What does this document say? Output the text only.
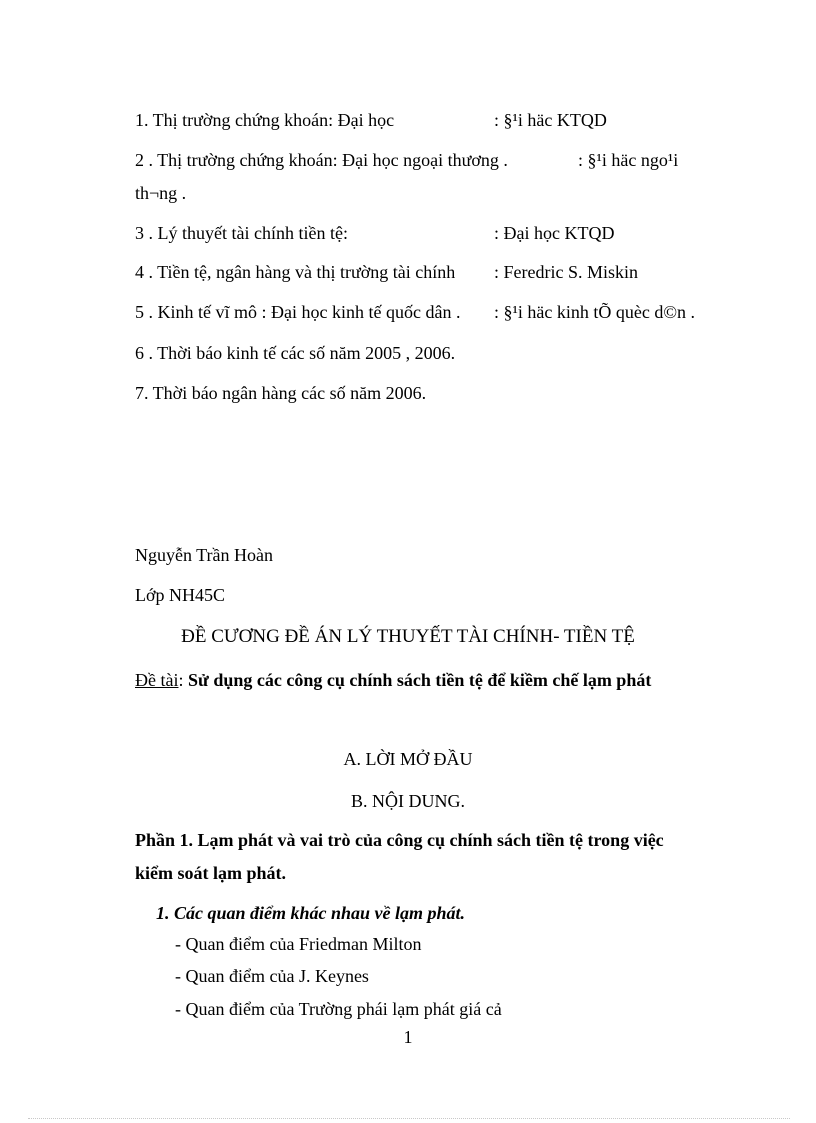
1. Thị trường chứng khoán: Đại học	: §¹i häc KTQD
2 . Thị trường chứng khoán: Đại học ngoại thương .	: §¹i häc ngo¹i
th¬ng .
3 . Lý thuyết tài chính tiền tệ:	: Đại học KTQD
4 . Tiền tệ, ngân hàng và thị trường tài chính : Feredric S. Miskin
5 . Kinh tế vĩ mô : Đại học kinh tế quốc dân . : §¹i häc kinh tÕ quèc d©n .
6 . Thời báo kinh tế các số năm 2005 , 2006.
7. Thời báo ngân hàng các số năm 2006.
Nguyễn Trần Hoàn
Lớp NH45C
ĐỀ CƯƠNG ĐỀ ÁN LÝ THUYẾT TÀI CHÍNH- TIỀN TỆ
Đề tài: Sử dụng các công cụ chính sách tiền tệ để kiềm chế lạm phát
A. LỜI MỞ ĐẦU
B. NỘI DUNG.
Phần 1. Lạm phát và vai trò của công cụ chính sách tiền tệ trong việc
kiểm soát lạm phát.
1. Các quan điểm khác nhau về lạm phát.
- Quan điểm của Friedman Milton
- Quan điểm của J. Keynes
- Quan điểm của Trường phái lạm phát giá cả
1
